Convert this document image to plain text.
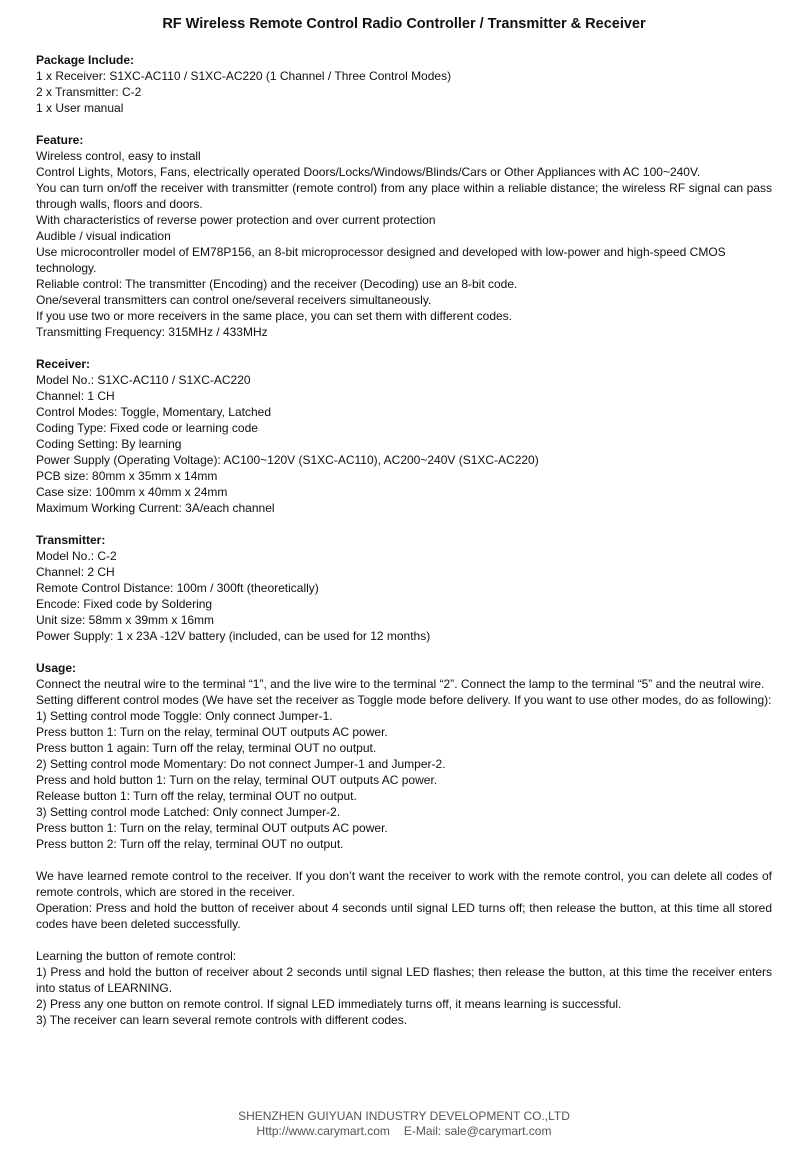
RF Wireless Remote Control Radio Controller / Transmitter & Receiver

Package Include:

1 x Receiver: S1XC-AC110 / S1XC-AC220 (1 Channel / Three Control Modes)

2 x Transmitter: C-2

1 x User manual

Feature:

Wireless control, easy to install

Control Lights, Motors, Fans, electrically operated Doors/Locks/Windows/Blinds/Cars or Other Appliances with AC 100~240V.

You can turn on/off the receiver with transmitter (remote control) from any place within a reliable distance; the wireless RF signal can pass through walls, floors and doors.

With characteristics of reverse power protection and over current protection

Audible / visual indication

Use microcontroller model of EM78P156, an 8-bit microprocessor designed and developed with low-power and high-speed CMOS technology.

Reliable control: The transmitter (Encoding) and the receiver (Decoding) use an 8-bit code.

One/several transmitters can control one/several receivers simultaneously.

If you use two or more receivers in the same place, you can set them with different codes.

Transmitting Frequency: 315MHz / 433MHz

Receiver:

Model No.: S1XC-AC110 / S1XC-AC220

Channel: 1 CH

Control Modes: Toggle, Momentary, Latched

Coding Type: Fixed code or learning code

Coding Setting: By learning

Power Supply (Operating Voltage): AC100~120V (S1XC-AC110), AC200~240V (S1XC-AC220)

PCB size: 80mm x 35mm x 14mm

Case size: 100mm x 40mm x 24mm

Maximum Working Current: 3A/each channel

Transmitter:

Model No.: C-2

Channel: 2 CH

Remote Control Distance: 100m / 300ft (theoretically)

Encode: Fixed code by Soldering

Unit size: 58mm x 39mm x 16mm

Power Supply: 1 x 23A -12V battery (included, can be used for 12 months)

Usage:

Connect the neutral wire to the terminal “1”, and the live wire to the terminal “2”. Connect the lamp to the terminal “5” and the neutral wire.

Setting different control modes (We have set the receiver as Toggle mode before delivery. If you want to use other modes, do as following):

1) Setting control mode Toggle: Only connect Jumper-1.

Press button 1: Turn on the relay, terminal OUT outputs AC power.

Press button 1 again: Turn off the relay, terminal OUT no output.

2) Setting control mode Momentary: Do not connect Jumper-1 and Jumper-2.

Press and hold button 1: Turn on the relay, terminal OUT outputs AC power.

Release button 1: Turn off the relay, terminal OUT no output.

3) Setting control mode Latched: Only connect Jumper-2.

Press button 1: Turn on the relay, terminal OUT outputs AC power.

Press button 2: Turn off the relay, terminal OUT no output.

We have learned remote control to the receiver. If you don’t want the receiver to work with the remote control, you can delete all codes of remote controls, which are stored in the receiver.

Operation: Press and hold the button of receiver about 4 seconds until signal LED turns off; then release the button, at this time all stored codes have been deleted successfully.

Learning the button of remote control:

1) Press and hold the button of receiver about 2 seconds until signal LED flashes; then release the button, at this time the receiver enters into status of LEARNING.

2) Press any one button on remote control. If signal LED immediately turns off, it means learning is successful.

3) The receiver can learn several remote controls with different codes.

SHENZHEN GUIYUAN INDUSTRY DEVELOPMENT CO.,LTD
Http://www.carymart.com E-Mail: sale@carymart.com
